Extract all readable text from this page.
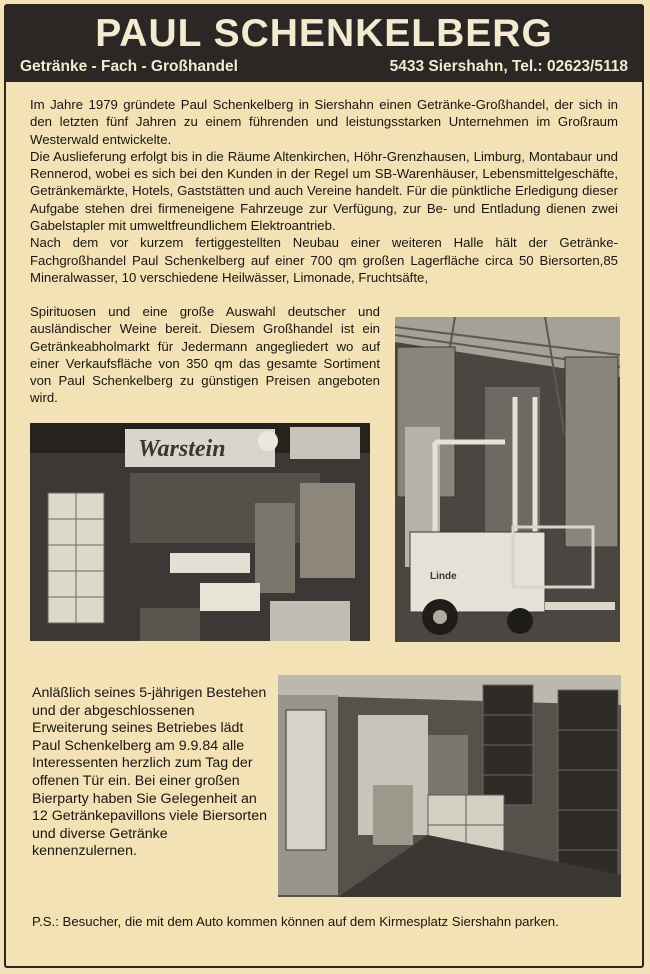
PAUL SCHENKELBERG
Getränke - Fach - Großhandel	5433 Siershahn, Tel.: 02623/5118

Im Jahre 1979 gründete Paul Schenkelberg in Siershahn einen Getränke-Großhandel, der sich in den letzten fünf Jahren zu einem führenden und leistungsstarken Unternehmen im Großraum Westerwald entwickelte.

Die Auslieferung erfolgt bis in die Räume Altenkirchen, Höhr-Grenzhausen, Limburg, Montabaur und Rennerod, wobei es sich bei den Kunden in der Regel um SB-Warenhäuser, Lebensmittelgeschäfte, Getränkemärkte, Hotels, Gaststätten und auch Vereine handelt. Für die pünktliche Erledigung dieser Aufgabe stehen drei firmeneigene Fahrzeuge zur Verfügung, zur Be- und Entladung dienen zwei Gabelstapler mit umweltfreundlichem Elektroantrieb.

Nach dem vor kurzem fertiggestellten Neubau einer weiteren Halle hält der Getränke-Fachgroßhandel Paul Schenkelberg auf einer 700 qm großen Lagerfläche circa 50 Biersorten,85 Mineralwasser, 10 verschiedene Heilwässer, Limonade, Fruchtsäfte,

Spirituosen und eine große Auswahl deutscher und ausländischer Weine bereit. Diesem Großhandel ist ein Getränkeabholmarkt für Jedermann angegliedert wo auf einer Verkaufsfläche von 350 qm das gesamte Sortiment von Paul Schenkelberg zu günstigen Preisen angeboten wird.
Warstein
Linde
Anläßlich seines 5-jährigen Bestehen und der abgeschlossenen Erweiterung seines Betriebes lädt Paul Schenkelberg am 9.9.84 alle Interessenten herzlich zum Tag der offenen Tür ein. Bei einer großen Bierparty haben Sie Gelegenheit an 12 Getränkepavillons viele Biersorten und diverse Getränke kennenzulernen.
P.S.: Besucher, die mit dem Auto kommen können auf dem Kirmesplatz Siershahn parken.
